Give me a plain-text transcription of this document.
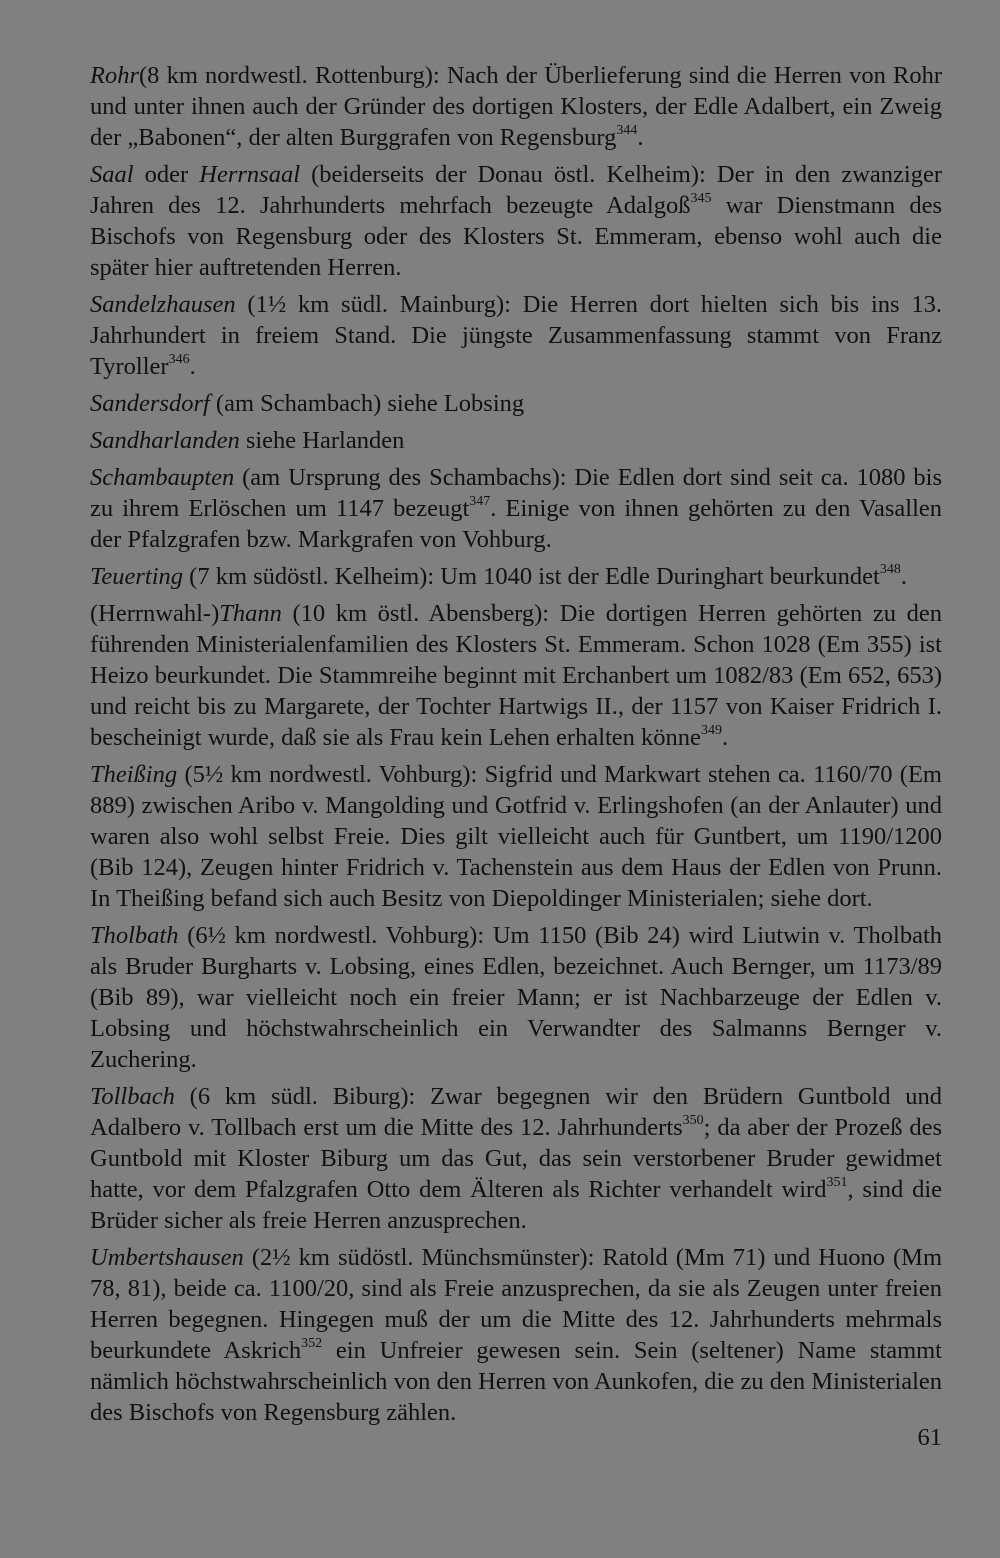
Rohr(8 km nordwestl. Rottenburg): Nach der Überlieferung sind die Herren von Rohr und unter ihnen auch der Gründer des dortigen Klosters, der Edle Adalbert, ein Zweig der „Babonen“, der alten Burggrafen von Regensburg$^{344}$.

Saal oder Herrnsaal (beiderseits der Donau östl. Kelheim): Der in den zwanziger Jahren des 12. Jahrhunderts mehrfach bezeugte Adalgoß$^{345}$ war Dienstmann des Bischofs von Regensburg oder des Klosters St. Emmeram, ebenso wohl auch die später hier auftretenden Herren.

Sandelzhausen (1½ km südl. Mainburg): Die Herren dort hielten sich bis ins 13. Jahrhundert in freiem Stand. Die jüngste Zusammenfassung stammt von Franz Tyroller$^{346}$.

Sandersdorf (am Schambach) siehe Lobsing

Sandharlanden siehe Harlanden

Schambaupten (am Ursprung des Schambachs): Die Edlen dort sind seit ca. 1080 bis zu ihrem Erlöschen um 1147 bezeugt$^{347}$. Einige von ihnen gehörten zu den Vasallen der Pfalzgrafen bzw. Markgrafen von Vohburg.

Teuerting (7 km südöstl. Kelheim): Um 1040 ist der Edle Duringhart beurkundet$^{348}$.

(Herrnwahl-)Thann (10 km östl. Abensberg): Die dortigen Herren gehörten zu den führenden Ministerialenfamilien des Klosters St. Emmeram. Schon 1028 (Em 355) ist Heizo beurkundet. Die Stammreihe beginnt mit Erchanbert um 1082/83 (Em 652, 653) und reicht bis zu Margarete, der Tochter Hartwigs II., der 1157 von Kaiser Fridrich I. bescheinigt wurde, daß sie als Frau kein Lehen erhalten könne$^{349}$.

Theißing (5½ km nordwestl. Vohburg): Sigfrid und Markwart stehen ca. 1160/70 (Em 889) zwischen Aribo v. Mangolding und Gotfrid v. Erlingshofen (an der Anlauter) und waren also wohl selbst Freie. Dies gilt vielleicht auch für Guntbert, um 1190/1200 (Bib 124), Zeugen hinter Fridrich v. Tachenstein aus dem Haus der Edlen von Prunn. In Theißing befand sich auch Besitz von Diepoldinger Ministerialen; siehe dort.

Tholbath (6½ km nordwestl. Vohburg): Um 1150 (Bib 24) wird Liutwin v. Tholbath als Bruder Burgharts v. Lobsing, eines Edlen, bezeichnet. Auch Bernger, um 1173/89 (Bib 89), war vielleicht noch ein freier Mann; er ist Nachbarzeuge der Edlen v. Lobsing und höchstwahrscheinlich ein Verwandter des Salmanns Bernger v. Zuchering.

Tollbach (6 km südl. Biburg): Zwar begegnen wir den Brüdern Guntbold und Adalbero v. Tollbach erst um die Mitte des 12. Jahrhunderts$^{350}$; da aber der Prozeß des Guntbold mit Kloster Biburg um das Gut, das sein verstorbener Bruder gewidmet hatte, vor dem Pfalzgrafen Otto dem Älteren als Richter verhandelt wird$^{351}$, sind die Brüder sicher als freie Herren anzusprechen.

Umbertshausen (2½ km südöstl. Münchsmünster): Ratold (Mm 71) und Huono (Mm 78, 81), beide ca. 1100/20, sind als Freie anzusprechen, da sie als Zeugen unter freien Herren begegnen. Hingegen muß der um die Mitte des 12. Jahrhunderts mehrmals beurkundete Askrich$^{352}$ ein Unfreier gewesen sein. Sein (seltener) Name stammt nämlich höchstwahrscheinlich von den Herren von Aunkofen, die zu den Ministerialen des Bischofs von Regensburg zählen.

61
